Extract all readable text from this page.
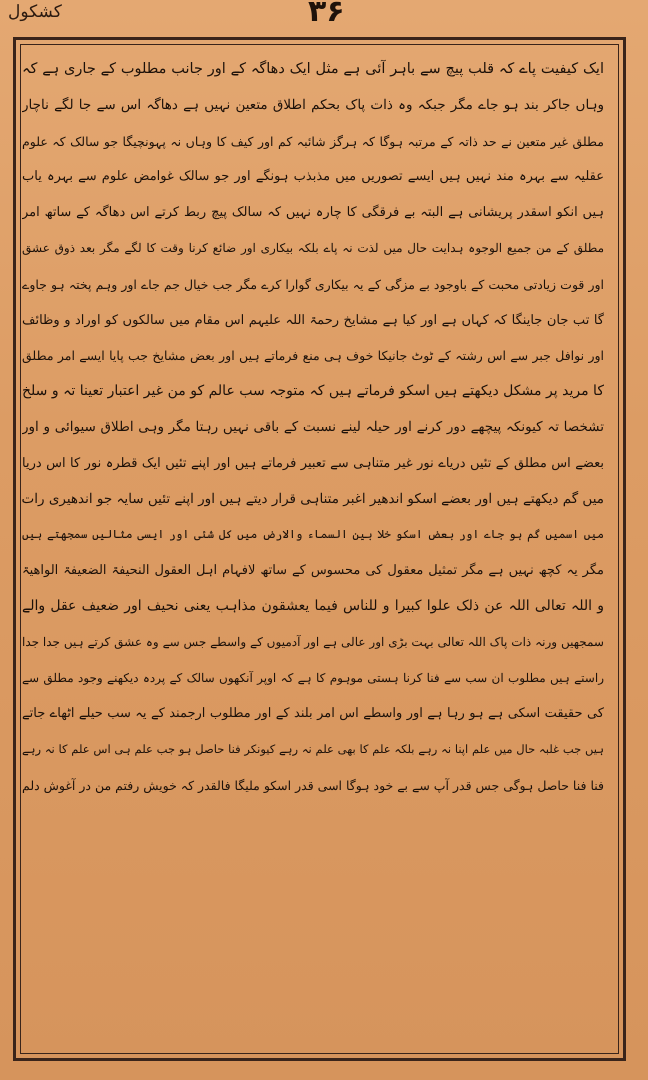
کشکول	۳۶
ایک کیفیت پاے کہ قلب پیچ سے باہر آئی ہے مثل ایک دھاگہ کے اور جانب مطلوب کے جاری ہے کہ
وہاں جاکر بند ہو جاے مگر جبکہ وہ ذات پاک بحکم اطلاق متعین نہیں ہے دھاگہ اس سے جا لگے ناچار
مطلق غیر متعین نے حد ذاتہ کے مرتبہ ہوگا کہ ہرگز شائبہ کم اور کیف کا وہاں نہ پہونچیگا جو سالک کہ علوم
عقلیہ سے بہرہ مند نہیں ہیں ایسے تصوریں میں مذبذب ہونگے اور جو سالک غوامض علوم سے بہرہ یاب
ہیں انکو اسقدر پریشانی ہے البتہ بے فرقگی کا چارہ نہیں کہ سالک پیچ ربط کرتے اس دھاگہ کے ساتھ امر
مطلق کے من جمیع الوجوہ ہدایت حال میں لذت نہ پاے بلکہ بیکاری اور ضائع کرنا وقت کا لگے مگر بعد ذوق عشق
اور قوت زیادتی محبت کے باوجود بے مزگی کے یہ بیکاری گوارا کرے مگر جب خیال جم جاے اور وہم پختہ ہو جاوے
گا تب جان جاینگا کہ کہاں ہے اور کیا ہے مشایخ رحمۃ اللہ علیہم اس مقام میں سالکوں کو اوراد و وظائف
اور نوافل جبر سے اس رشتہ کے ٹوٹ جانیکا خوف ہی منع فرماتے ہیں اور بعض مشایخ جب پایا ایسے امر مطلق
کا مرید پر مشکل دیکھتے ہیں اسکو فرماتے ہیں کہ متوجہ سب عالم کو من غیر اعتبار تعینا تہ و سلخ
تشخصا تہ کیونکہ پیچھے دور کرنے اور حیلہ لینے نسبت کے باقی نہیں رہتا مگر وہی اطلاق سیوائی و اور
بعضے اس مطلق کے تئیں دریاے نور غیر متناہی سے تعبیر فرماتے ہیں اور اپنے تئیں ایک قطرہ نور کا اس دریا
میں گم دیکھتے ہیں اور بعضے اسکو اندھیر اغبر متناہی قرار دیتے ہیں اور اپنے تئیں سایہ جو اندھیری رات
میں اسمیں گم ہو جاے اور بعض اسکو خلا بین السماء والارض میں کل شئی اور ایسی مثالیں سمجھتے ہیں
مگر یہ کچھ نہیں ہے مگر تمثیل معقول کی محسوس کے ساتھ لافہام اہل العقول النحیفۃ الضعیفۃ الواھیۃ
و اللہ تعالی اللہ عن ذلک علوا کبیرا و للناس فیما یعشقون مذاہب یعنی نحیف اور ضعیف عقل والے
سمجھیں ورنہ ذات پاک اللہ تعالی بہت بڑی اور عالی ہے اور آدمیوں کے واسطے جس سے وہ عشق کرتے ہیں جدا جدا
راستے ہیں مطلوب ان سب سے فنا کرنا ہستی موہوم کا ہے کہ اوپر آنکھوں سالک کے پردہ دیکھنے وجود مطلق سے
کی حقیقت اسکی ہے ہو رہا ہے اور واسطے اس امر بلند کے اور مطلوب ارجمند کے یہ سب حیلے اٹھاے جاتے
ہیں جب غلبہ حال میں علم اپنا نہ رہے بلکہ علم کا بھی علم نہ رہے کیونکر فنا حاصل ہو جب علم ہی اس علم کا نہ رہے
فنا فنا حاصل ہوگی جس قدر آپ سے بے خود ہوگا اسی قدر اسکو ملیگا فالقدر کہ خویش رفتم من در آغوش دلم
